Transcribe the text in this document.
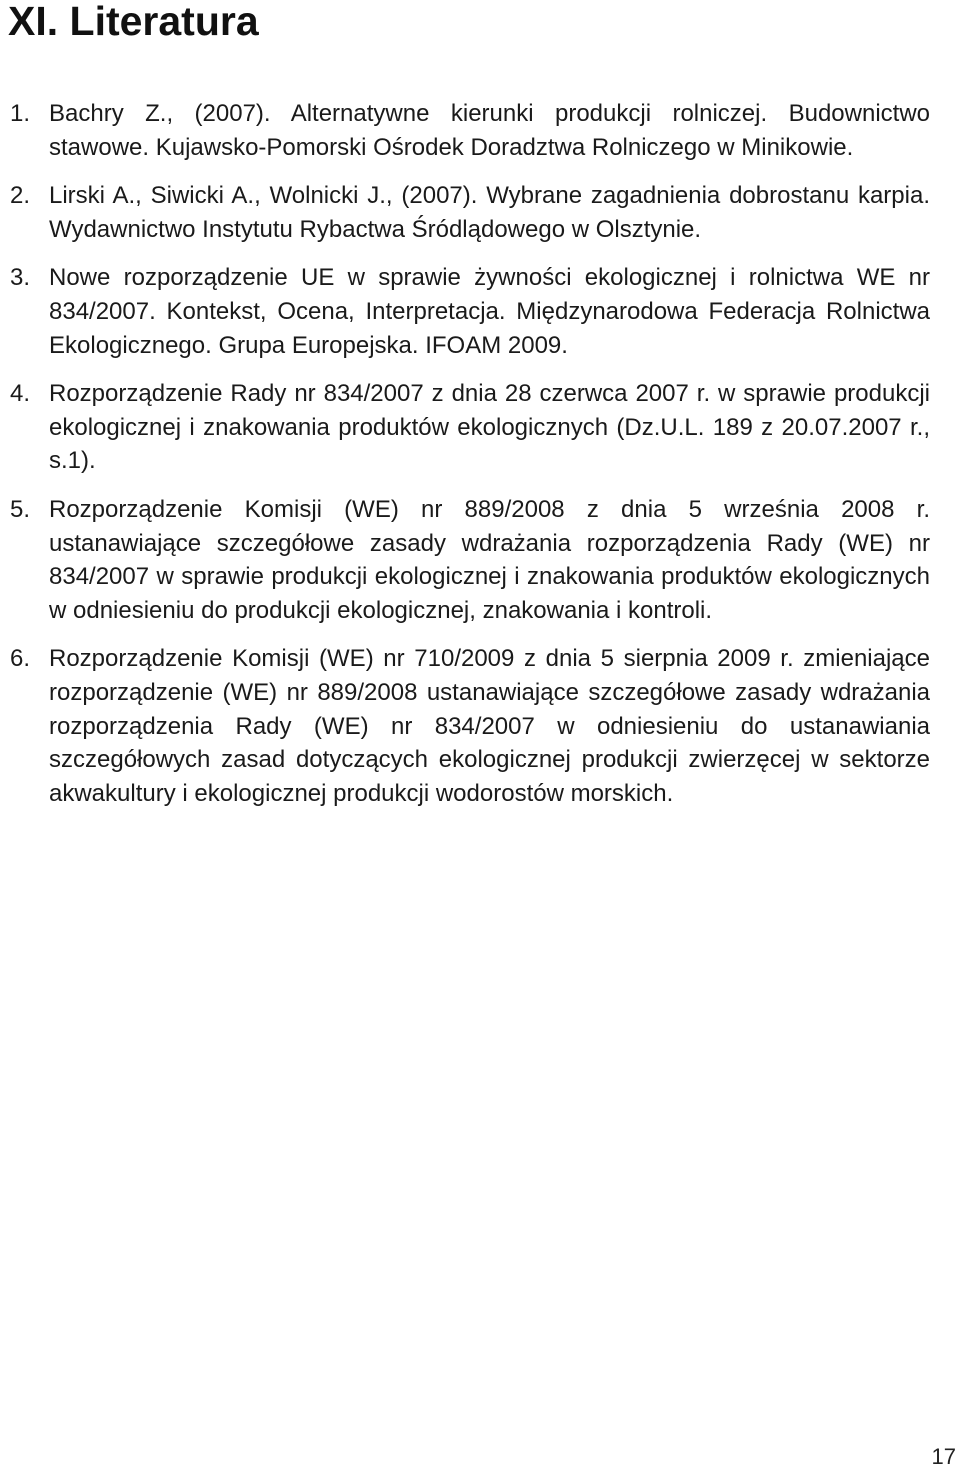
XI. Literatura
1. Bachry Z., (2007). Alternatywne kierunki produkcji rolniczej. Budownictwo stawowe. Kujawsko-Pomorski Ośrodek Doradztwa Rolniczego w Minikowie.
2. Lirski A., Siwicki A., Wolnicki J., (2007). Wybrane zagadnienia dobrostanu karpia. Wydawnictwo Instytutu Rybactwa Śródlądowego w Olsztynie.
3. Nowe rozporządzenie UE w sprawie żywności ekologicznej i rolnictwa WE nr 834/2007. Kontekst, Ocena, Interpretacja. Międzynarodowa Federacja Rolnictwa Ekologicznego. Grupa Europejska. IFOAM 2009.
4. Rozporządzenie Rady nr 834/2007 z dnia 28 czerwca 2007 r. w sprawie produkcji ekologicznej i znakowania produktów ekologicznych (Dz.U.L. 189 z 20.07.2007 r., s.1).
5. Rozporządzenie Komisji (WE) nr 889/2008 z dnia 5 września 2008 r. ustanawiające szczegółowe zasady wdrażania rozporządzenia Rady (WE) nr 834/2007 w sprawie produkcji ekologicznej i znakowania produktów ekologicznych w odniesieniu do produkcji ekologicznej, znakowania i kontroli.
6. Rozporządzenie Komisji (WE) nr 710/2009 z dnia 5 sierpnia 2009 r. zmieniające rozporządzenie (WE) nr 889/2008 ustanawiające szczegółowe zasady wdrażania rozporządzenia Rady (WE) nr 834/2007 w odniesieniu do ustanawiania szczegółowych zasad dotyczących ekologicznej produkcji zwierzęcej w sektorze akwakultury i ekologicznej produkcji wodorostów morskich.
17
